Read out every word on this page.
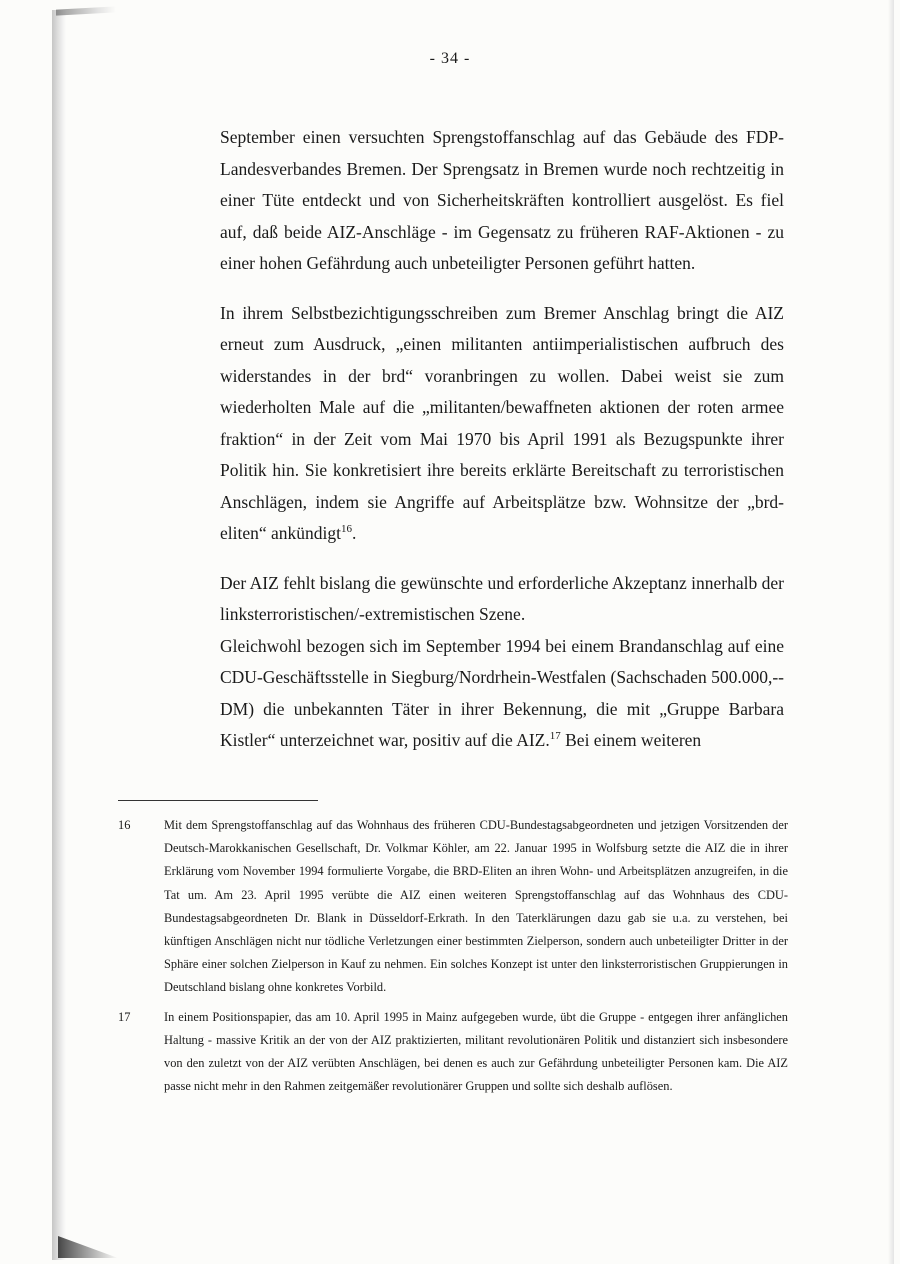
- 34 -

September einen versuchten Sprengstoffanschlag auf das Gebäude des FDP-Landesverbandes Bremen. Der Sprengsatz in Bremen wurde noch rechtzeitig in einer Tüte entdeckt und von Sicherheitskräften kontrolliert ausgelöst. Es fiel auf, daß beide AIZ-Anschläge - im Gegensatz zu früheren RAF-Aktionen - zu einer hohen Gefährdung auch unbeteiligter Personen geführt hatten.

In ihrem Selbstbezichtigungsschreiben zum Bremer Anschlag bringt die AIZ erneut zum Ausdruck, „einen militanten antiimperialistischen aufbruch des widerstandes in der brd“ voranbringen zu wollen. Dabei weist sie zum wiederholten Male auf die „militanten/bewaffneten aktionen der roten armee fraktion“ in der Zeit vom Mai 1970 bis April 1991 als Bezugspunkte ihrer Politik hin. Sie konkretisiert ihre bereits erklärte Bereitschaft zu terroristischen Anschlägen, indem sie Angriffe auf Arbeitsplätze bzw. Wohnsitze der „brd-eliten“ ankündigt$^{16}$.

Der AIZ fehlt bislang die gewünschte und erforderliche Akzeptanz innerhalb der linksterroristischen/-extremistischen Szene.

Gleichwohl bezogen sich im September 1994 bei einem Brandanschlag auf eine CDU-Geschäftsstelle in Siegburg/Nordrhein-Westfalen (Sachschaden 500.000,-- DM) die unbekannten Täter in ihrer Bekennung, die mit „Gruppe Barbara Kistler“ unterzeichnet war, positiv auf die AIZ.$^{17}$ Bei einem weiteren

16	Mit dem Sprengstoffanschlag auf das Wohnhaus des früheren CDU-Bundestagsabgeordneten und jetzigen Vorsitzenden der Deutsch-Marokkanischen Gesellschaft, Dr. Volkmar Köhler, am 22. Januar 1995 in Wolfsburg setzte die AIZ die in ihrer Erklärung vom November 1994 formulierte Vorgabe, die BRD-Eliten an ihren Wohn- und Arbeitsplätzen anzugreifen, in die Tat um. Am 23. April 1995 verübte die AIZ einen weiteren Sprengstoffanschlag auf das Wohnhaus des CDU-Bundestagsabgeordneten Dr. Blank in Düsseldorf-Erkrath. In den Taterklärungen dazu gab sie u.a. zu verstehen, bei künftigen Anschlägen nicht nur tödliche Verletzungen einer bestimmten Zielperson, sondern auch unbeteiligter Dritter in der Sphäre einer solchen Zielperson in Kauf zu nehmen. Ein solches Konzept ist unter den linksterroristischen Gruppierungen in Deutschland bislang ohne konkretes Vorbild.
17	In einem Positionspapier, das am 10. April 1995 in Mainz aufgegeben wurde, übt die Gruppe - entgegen ihrer anfänglichen Haltung - massive Kritik an der von der AIZ praktizierten, militant revolutionären Politik und distanziert sich insbesondere von den zuletzt von der AIZ verübten Anschlägen, bei denen es auch zur Gefährdung unbeteiligter Personen kam. Die AIZ passe nicht mehr in den Rahmen zeitgemäßer revolutionärer Gruppen und sollte sich deshalb auflösen.
